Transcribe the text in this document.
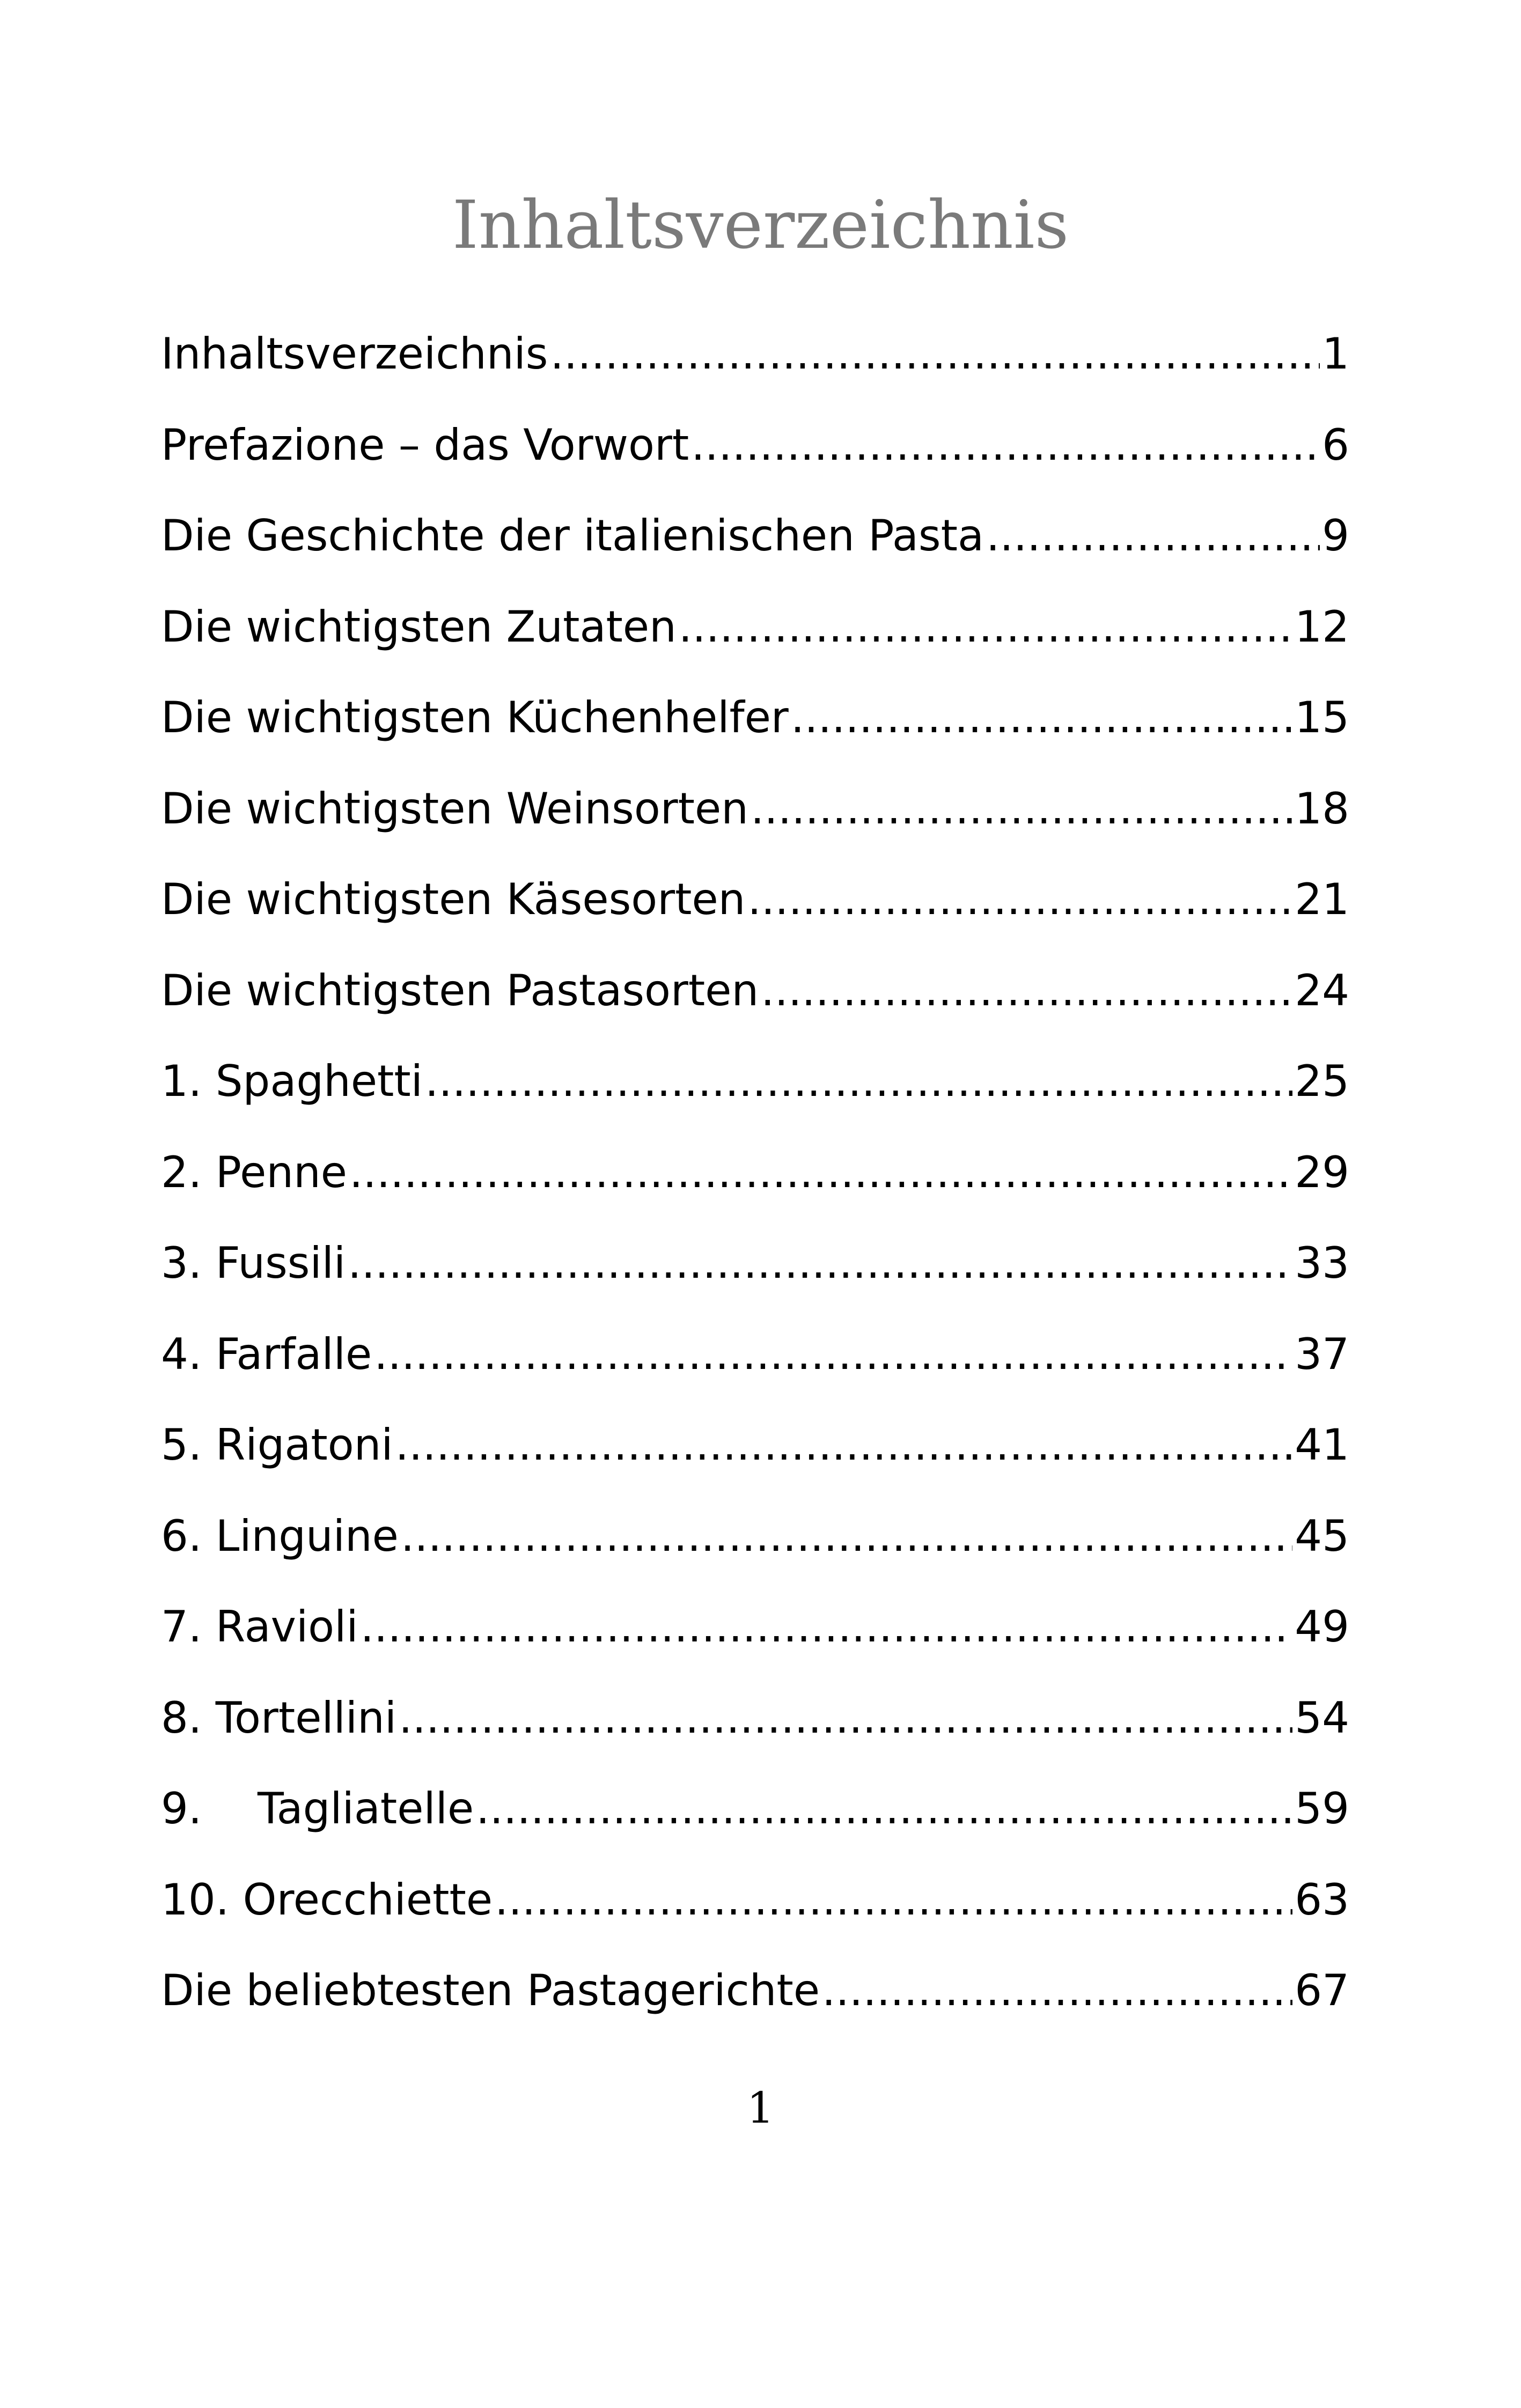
Inhaltsverzeichnis
Inhaltsverzeichnis .....	1
Prefazione – das Vorwort .....	6
Die Geschichte der italienischen Pasta .....	9
Die wichtigsten Zutaten .....	12
Die wichtigsten Küchenhelfer .....	15
Die wichtigsten Weinsorten .....	18
Die wichtigsten Käsesorten .....	21
Die wichtigsten Pastasorten .....	24
1. Spaghetti .....	25
2. Penne .....	29
3. Fussili .....	33
4. Farfalle .....	37
5. Rigatoni .....	41
6. Linguine .....	45
7. Ravioli .....	49
8. Tortellini .....	54
9. Tagliatelle .....	59
10. Orecchiette .....	63
Die beliebtesten Pastagerichte .....	67
1
